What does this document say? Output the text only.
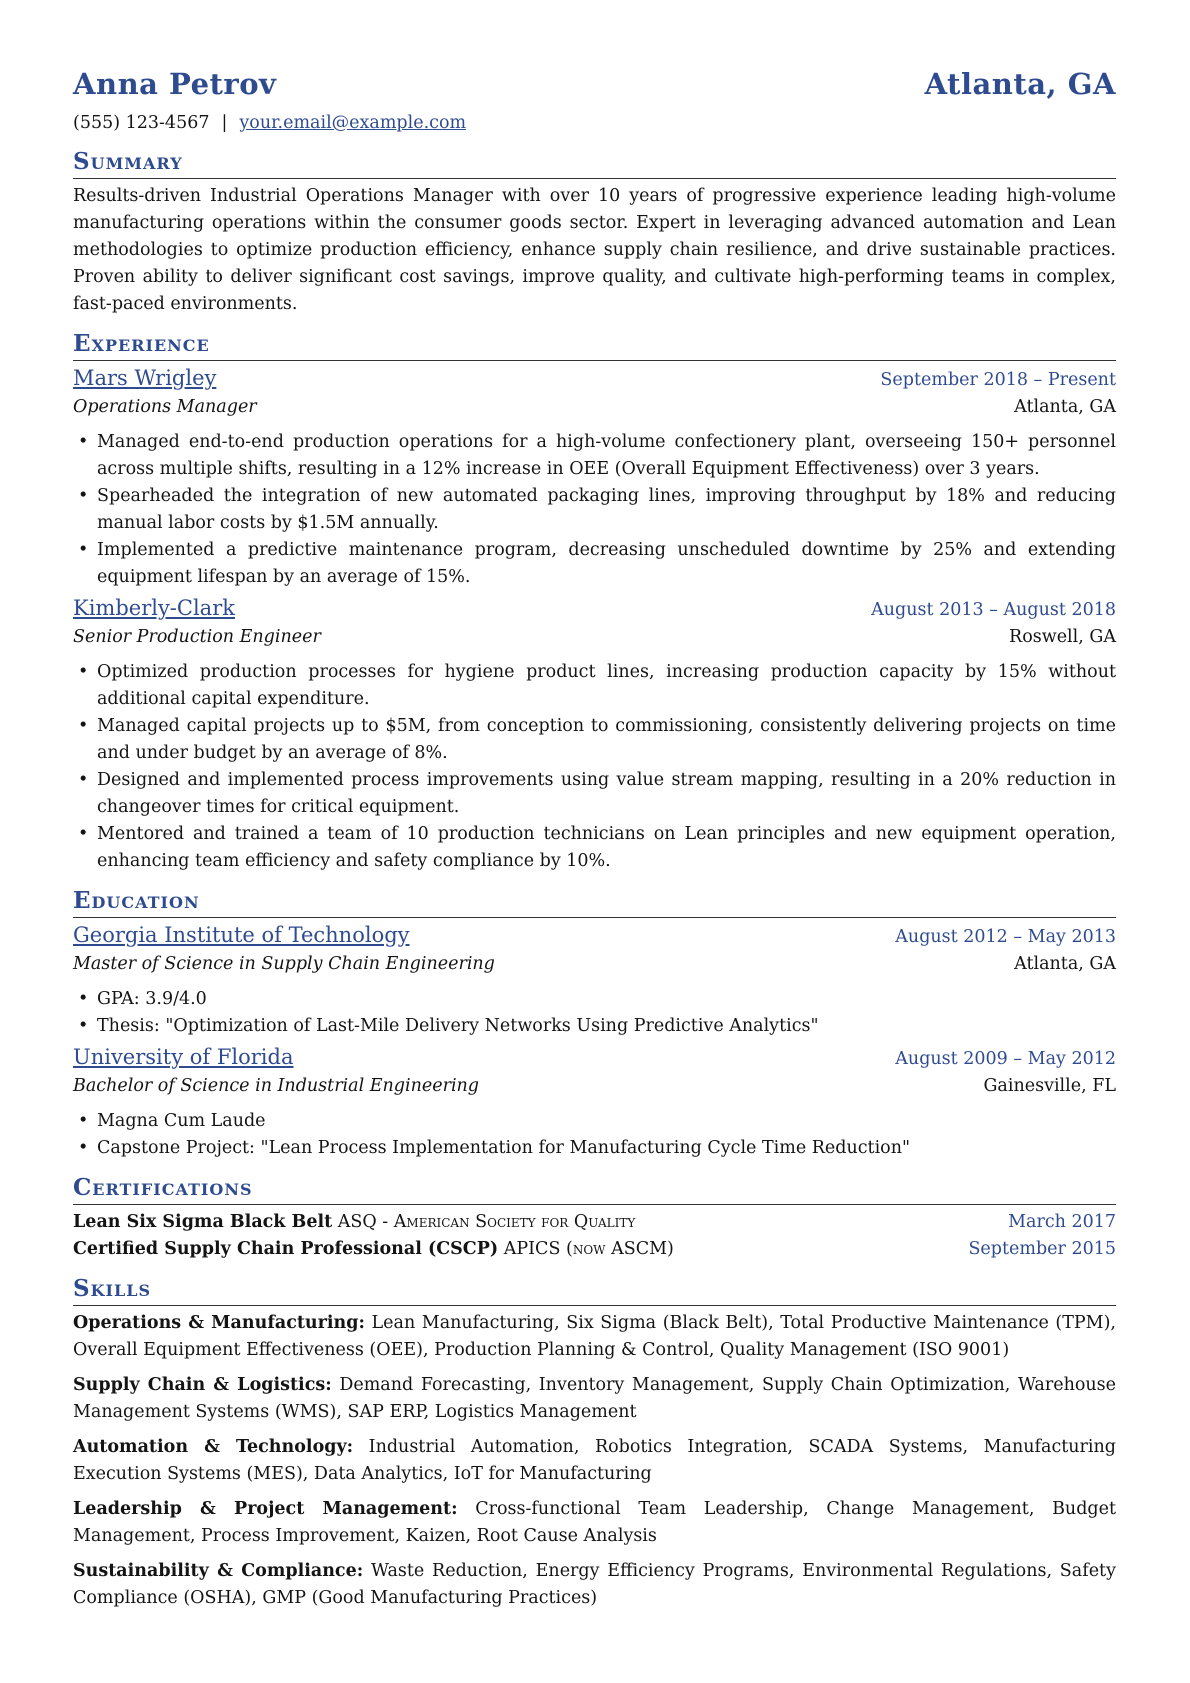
Anna Petrov	Atlanta, GA
(555) 123-4567 | your.email@example.com
Summary

Results-driven Industrial Operations Manager with over 10 years of progressive experience leading high-volume manufacturing operations within the consumer goods sector. Expert in leveraging advanced automation and Lean methodologies to optimize production efficiency, enhance supply chain resilience, and drive sustainable practices. Proven ability to deliver significant cost savings, improve quality, and cultivate high-performing teams in complex, fast-paced environments.

Experience
Mars Wrigley	September 2018 – Present
Operations Manager	Atlanta, GA
• Managed end-to-end production operations for a high-volume confectionery plant, overseeing 150+ personnel across multiple shifts, resulting in a 12% increase in OEE (Overall Equipment Effectiveness) over 3 years.
• Spearheaded the integration of new automated packaging lines, improving throughput by 18% and reducing manual labor costs by $1.5M annually.
• Implemented a predictive maintenance program, decreasing unscheduled downtime by 25% and extending equipment lifespan by an average of 15%.
Kimberly-Clark	August 2013 – August 2018
Senior Production Engineer	Roswell, GA
• Optimized production processes for hygiene product lines, increasing production capacity by 15% without additional capital expenditure.
• Managed capital projects up to $5M, from conception to commissioning, consistently delivering projects on time and under budget by an average of 8%.
• Designed and implemented process improvements using value stream mapping, resulting in a 20% reduction in changeover times for critical equipment.
• Mentored and trained a team of 10 production technicians on Lean principles and new equipment operation, enhancing team efficiency and safety compliance by 10%.
Education
Georgia Institute of Technology	August 2012 – May 2013
Master of Science in Supply Chain Engineering	Atlanta, GA
• GPA: 3.9/4.0
• Thesis: "Optimization of Last-Mile Delivery Networks Using Predictive Analytics"
University of Florida	August 2009 – May 2012
Bachelor of Science in Industrial Engineering	Gainesville, FL
• Magna Cum Laude
• Capstone Project: "Lean Process Implementation for Manufacturing Cycle Time Reduction"
Certifications
Lean Six Sigma Black Belt ASQ - American Society for Quality	March 2017
Certified Supply Chain Professional (CSCP) APICS (now ASCM)	September 2015
Skills
Operations & Manufacturing: Lean Manufacturing, Six Sigma (Black Belt), Total Productive Maintenance (TPM), Overall Equipment Effectiveness (OEE), Production Planning & Control, Quality Management (ISO 9001)
Supply Chain & Logistics: Demand Forecasting, Inventory Management, Supply Chain Optimization, Warehouse Management Systems (WMS), SAP ERP, Logistics Management
Automation & Technology: Industrial Automation, Robotics Integration, SCADA Systems, Manufacturing Execution Systems (MES), Data Analytics, IoT for Manufacturing
Leadership & Project Management: Cross-functional Team Leadership, Change Management, Budget Management, Process Improvement, Kaizen, Root Cause Analysis
Sustainability & Compliance: Waste Reduction, Energy Efficiency Programs, Environmental Regulations, Safety Compliance (OSHA), GMP (Good Manufacturing Practices)
